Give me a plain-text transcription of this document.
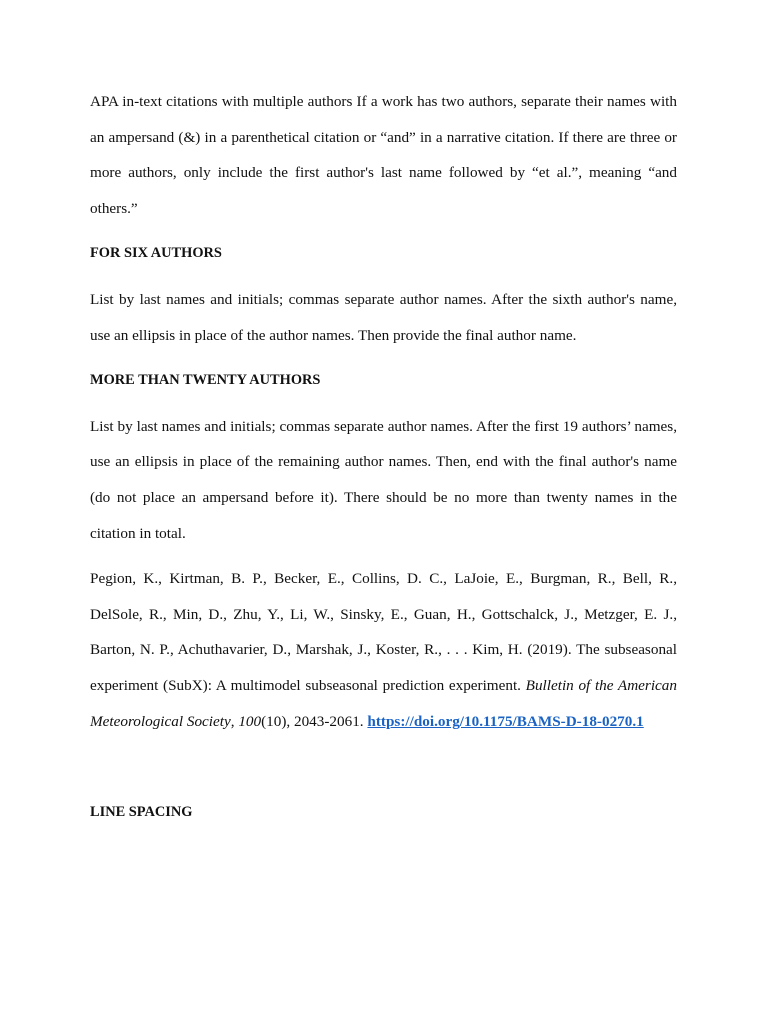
APA in-text citations with multiple authors If a work has two authors, separate their names with an ampersand (&) in a parenthetical citation or “and” in a narrative citation. If there are three or more authors, only include the first author's last name followed by “et al.”, meaning “and others.”

FOR SIX AUTHORS

List by last names and initials; commas separate author names. After the sixth author's name, use an ellipsis in place of the author names. Then provide the final author name.

MORE THAN TWENTY AUTHORS

List by last names and initials; commas separate author names. After the first 19 authors’ names, use an ellipsis in place of the remaining author names. Then, end with the final author's name (do not place an ampersand before it). There should be no more than twenty names in the citation in total.

Pegion, K., Kirtman, B. P., Becker, E., Collins, D. C., LaJoie, E., Burgman, R., Bell, R., DelSole, R., Min, D., Zhu, Y., Li, W., Sinsky, E., Guan, H., Gottschalck, J., Metzger, E. J., Barton, N. P., Achuthavarier, D., Marshak, J., Koster, R., . . . Kim, H. (2019). The subseasonal experiment (SubX): A multimodel subseasonal prediction experiment. Bulletin of the American Meteorological Society, 100(10), 2043-2061. https://doi.org/10.1175/BAMS-D-18-0270.1

LINE SPACING
